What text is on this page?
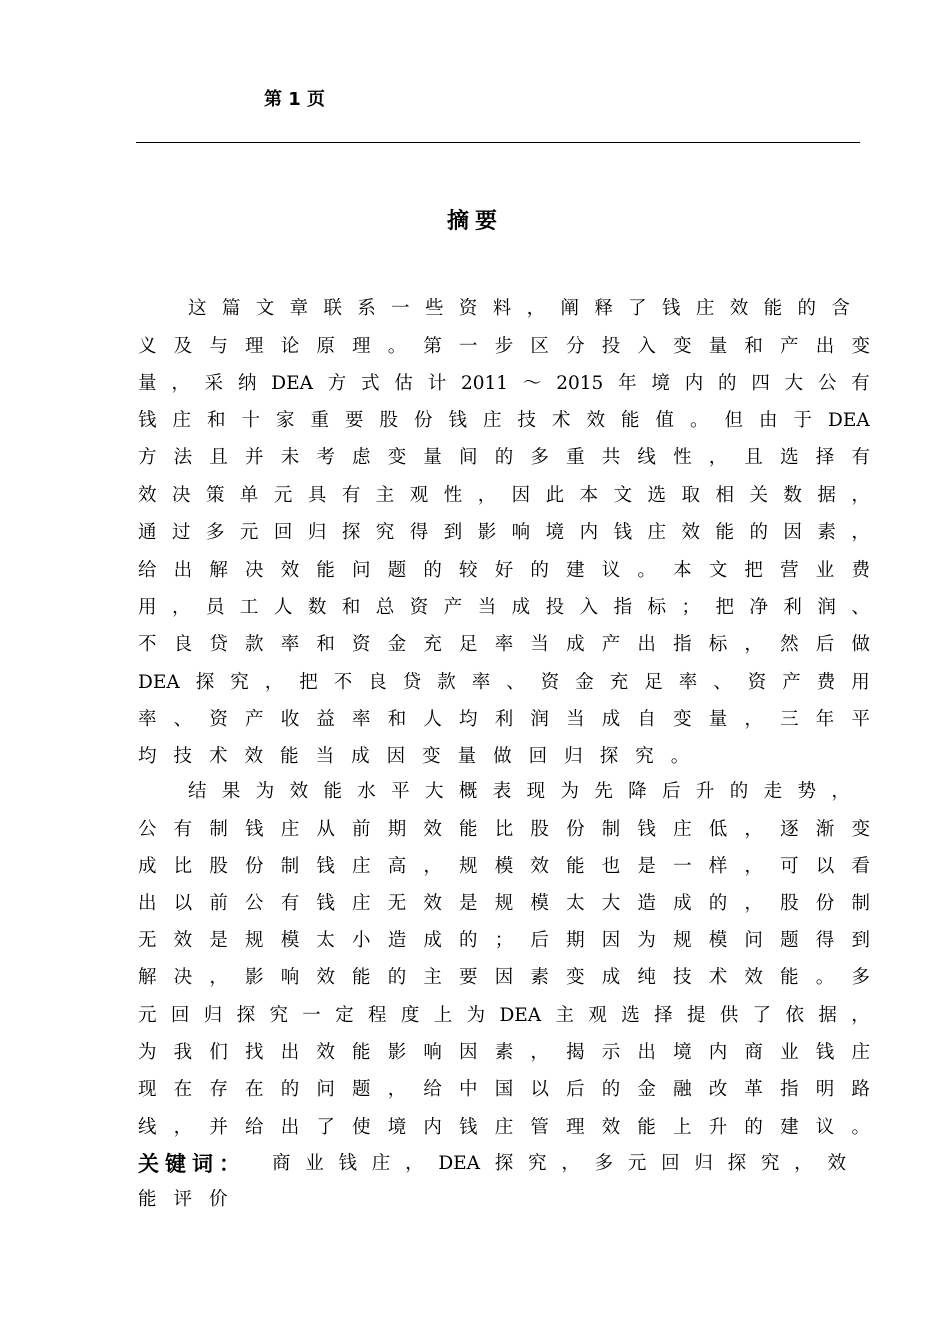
第 1 页
摘要
这 篇 文 章 联 系 一 些 资 料 ， 阐 释 了 钱 庄 效 能 的 含
义 及 与 理 论 原 理 。 第 一 步 区 分 投 入 变 量 和 产 出 变
量 ， 采 纳 DEA 方 式 估 计 2011 ～ 2015 年 境 内 的 四 大 公 有
钱 庄 和 十 家 重 要 股 份 钱 庄 技 术 效 能 值 。 但 由 于 DEA
方 法 且 并 未 考 虑 变 量 间 的 多 重 共 线 性 ， 且 选 择 有
效 决 策 单 元 具 有 主 观 性 ， 因 此 本 文 选 取 相 关 数 据 ，
通 过 多 元 回 归 探 究 得 到 影 响 境 内 钱 庄 效 能 的 因 素 ，
给 出 解 决 效 能 问 题 的 较 好 的 建 议 。 本 文 把 营 业 费
用 ， 员 工 人 数 和 总 资 产 当 成 投 入 指 标 ； 把 净 利 润 、
不 良 贷 款 率 和 资 金 充 足 率 当 成 产 出 指 标 ， 然 后 做
DEA 探 究 ， 把 不 良 贷 款 率 、 资 金 充 足 率 、 资 产 费 用
率 、 资 产 收 益 率 和 人 均 利 润 当 成 自 变 量 ， 三 年 平
均 技 术 效 能 当 成 因 变 量 做 回 归 探 究 。
结 果 为 效 能 水 平 大 概 表 现 为 先 降 后 升 的 走 势 ，
公 有 制 钱 庄 从 前 期 效 能 比 股 份 制 钱 庄 低 ， 逐 渐 变
成 比 股 份 制 钱 庄 高 ， 规 模 效 能 也 是 一 样 ， 可 以 看
出 以 前 公 有 钱 庄 无 效 是 规 模 太 大 造 成 的 ， 股 份 制
无 效 是 规 模 太 小 造 成 的 ； 后 期 因 为 规 模 问 题 得 到
解 决 ， 影 响 效 能 的 主 要 因 素 变 成 纯 技 术 效 能 。 多
元 回 归 探 究 一 定 程 度 上 为 DEA 主 观 选 择 提 供 了 依 据 ，
为 我 们 找 出 效 能 影 响 因 素 ， 揭 示 出 境 内 商 业 钱 庄
现 在 存 在 的 问 题 ， 给 中 国 以 后 的 金 融 改 革 指 明 路
线 ， 并 给 出 了 使 境 内 钱 庄 管 理 效 能 上 升 的 建 议 。
关键词： 商 业 钱 庄 ， DEA 探 究 ， 多 元 回 归 探 究 ， 效
能 评 价
